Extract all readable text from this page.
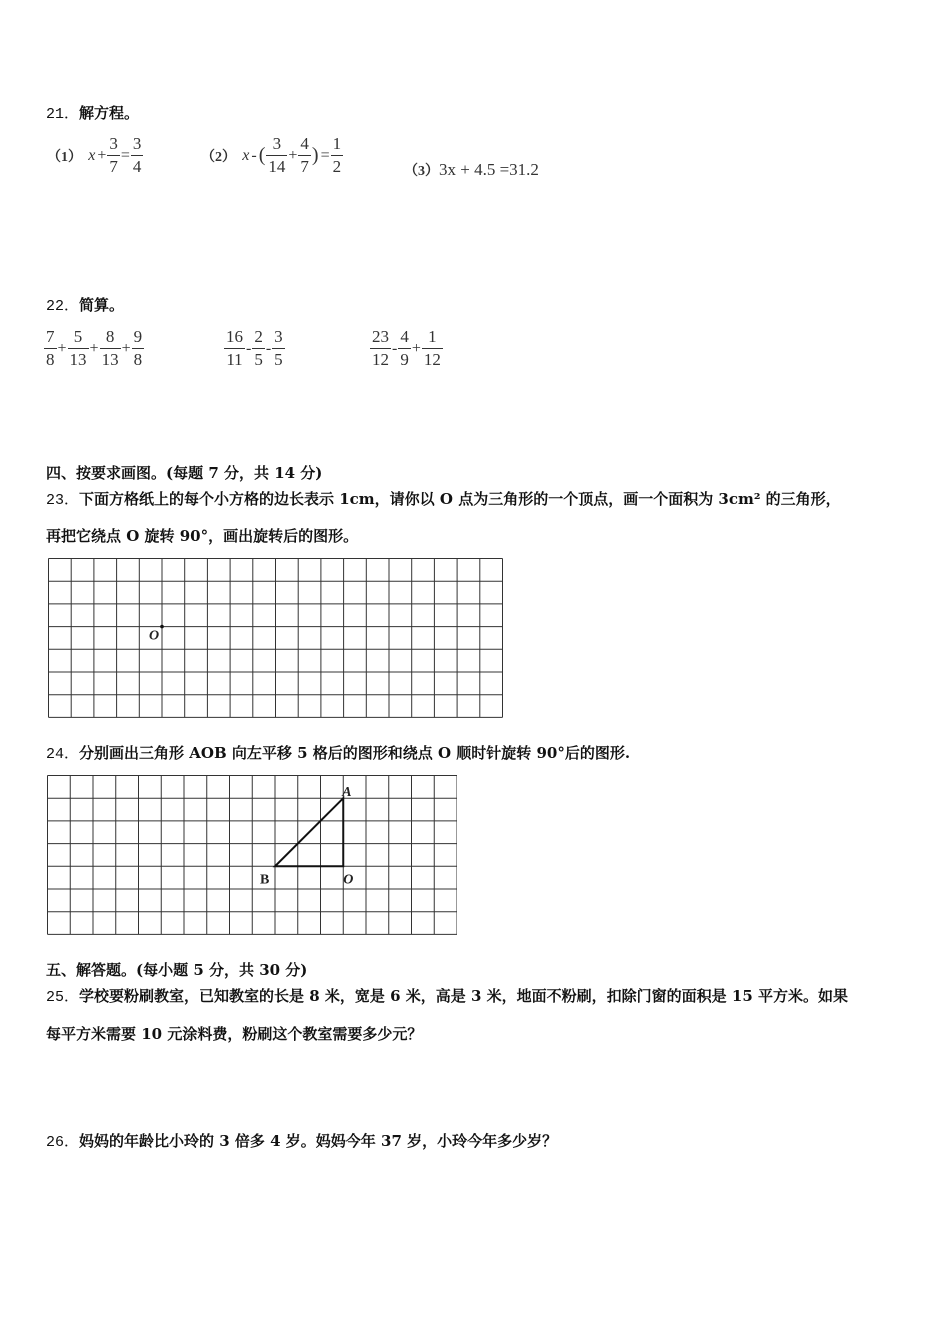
21．解方程。
（1） $x + \frac{3}{7} = \frac{3}{4}$	（2） x - ( $\frac{3}{14} + \frac{4}{7}$ ) = $\frac{1}{2}$	（3）3x + 4.5 =31.2
22．简算。
$\frac{7}{8} + \frac{5}{13} + \frac{8}{13} + \frac{9}{8}$	$\frac{16}{11} - \frac{2}{5} - \frac{3}{5}$	$\frac{23}{12} - \frac{4}{9} + \frac{1}{12}$
四、按要求画图。(每题 7 分，共 14 分)
23．下面方格纸上的每个小方格的边长表示 1cm，请你以 O 点为三角形的一个顶点，画一个面积为 3cm² 的三角形，
再把它绕点 O 旋转 90°，画出旋转后的图形。
O
24．分别画出三角形 AOB 向左平移 5 格后的图形和绕点 O 顺时针旋转 90°后的图形.
A
B	O
五、解答题。(每小题 5 分，共 30 分)
25．学校要粉刷教室，已知教室的长是 8 米，宽是 6 米，高是 3 米，地面不粉刷，扣除门窗的面积是 15 平方米。如果
每平方米需要 10 元涂料费，粉刷这个教室需要多少元？
26．妈妈的年龄比小玲的 3 倍多 4 岁。妈妈今年 37 岁，小玲今年多少岁？
